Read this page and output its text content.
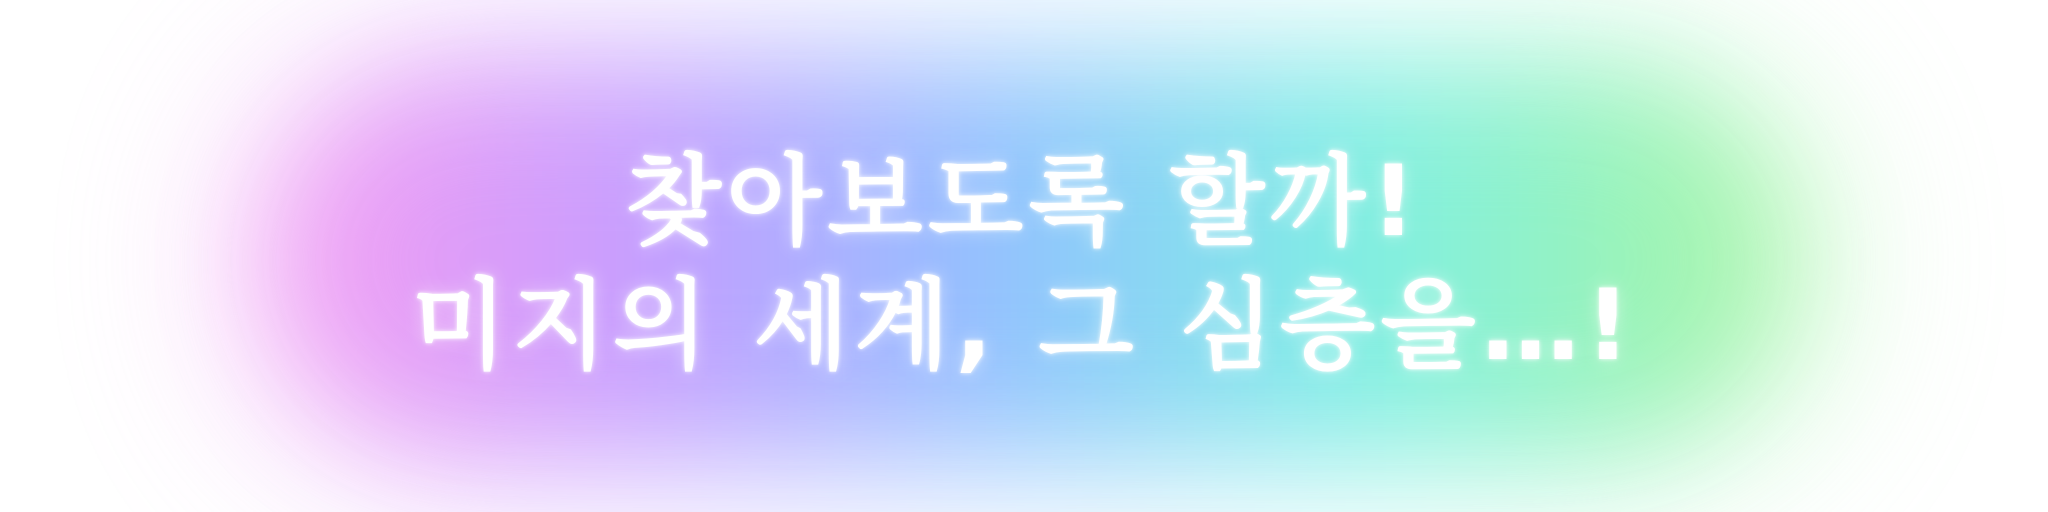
찾아보도록 할까!
미지의 세계, 그 심층을…!
